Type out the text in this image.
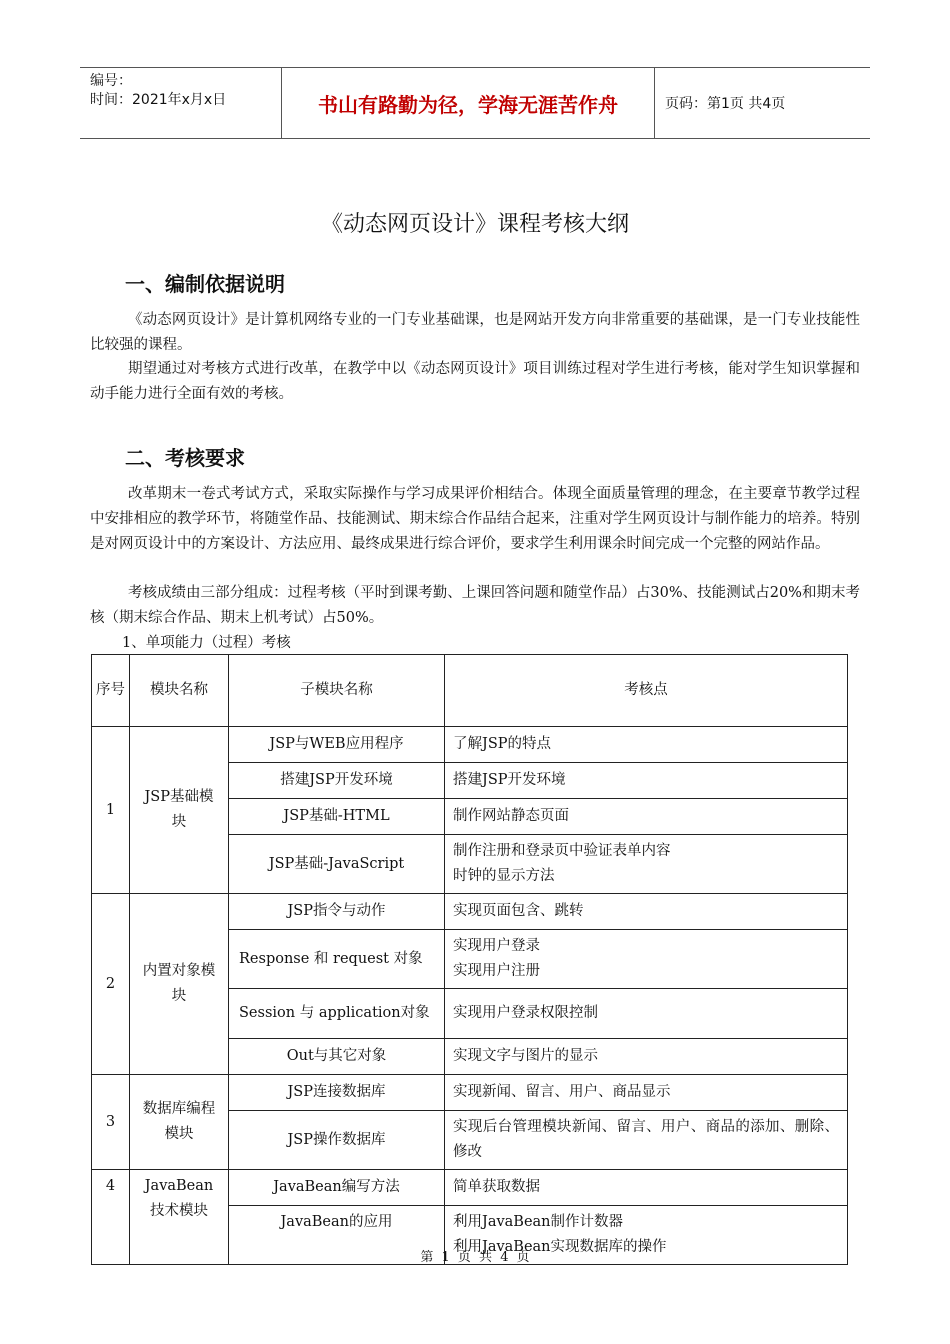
编号：
时间：2021年x月x日	书山有路勤为径，学海无涯苦作舟	页码：第1页 共4页
《动态网页设计》课程考核大纲
一、编制依据说明
《动态网页设计》是计算机网络专业的一门专业基础课，也是网站开发方向非常重要的基础课，是一门专业技能性比较强的课程。
期望通过对考核方式进行改革，在教学中以《动态网页设计》项目训练过程对学生进行考核，能对学生知识掌握和动手能力进行全面有效的考核。
二、考核要求
改革期末一卷式考试方式，采取实际操作与学习成果评价相结合。体现全面质量管理的理念，在主要章节教学过程中安排相应的教学环节，将随堂作品、技能测试、期末综合作品结合起来，注重对学生网页设计与制作能力的培养。特别是对网页设计中的方案设计、方法应用、最终成果进行综合评价，要求学生利用课余时间完成一个完整的网站作品。
考核成绩由三部分组成：过程考核（平时到课考勤、上课回答问题和随堂作品）占30%、技能测试占20%和期末考核（期末综合作品、期末上机考试）占50%。
1、单项能力（过程）考核
序号	模块名称	子模块名称	考核点
1	JSP基础模块	JSP与WEB应用程序	了解JSP的特点
		搭建JSP开发环境	搭建JSP开发环境
		JSP基础-HTML	制作网站静态页面
		JSP基础-JavaScript	制作注册和登录页中验证表单内容
时钟的显示方法

2	内置对象模块	JSP指令与动作	实现页面包含、跳转
		Response 和 request 对象	实现用户登录
实现用户注册

		Session 与 application对象	实现用户登录权限控制
		Out与其它对象	实现文字与图片的显示
3	数据库编程模块	JSP连接数据库	实现新闻、留言、用户、商品显示
		JSP操作数据库	实现后台管理模块新闻、留言、用户、商品的添加、删除、修改
4	JavaBean技术模块	JavaBean编写方法	简单获取数据
		JavaBean的应用	利用JavaBean制作计数器
利用JavaBean实现数据库的操作
第 1 页 共 4 页
